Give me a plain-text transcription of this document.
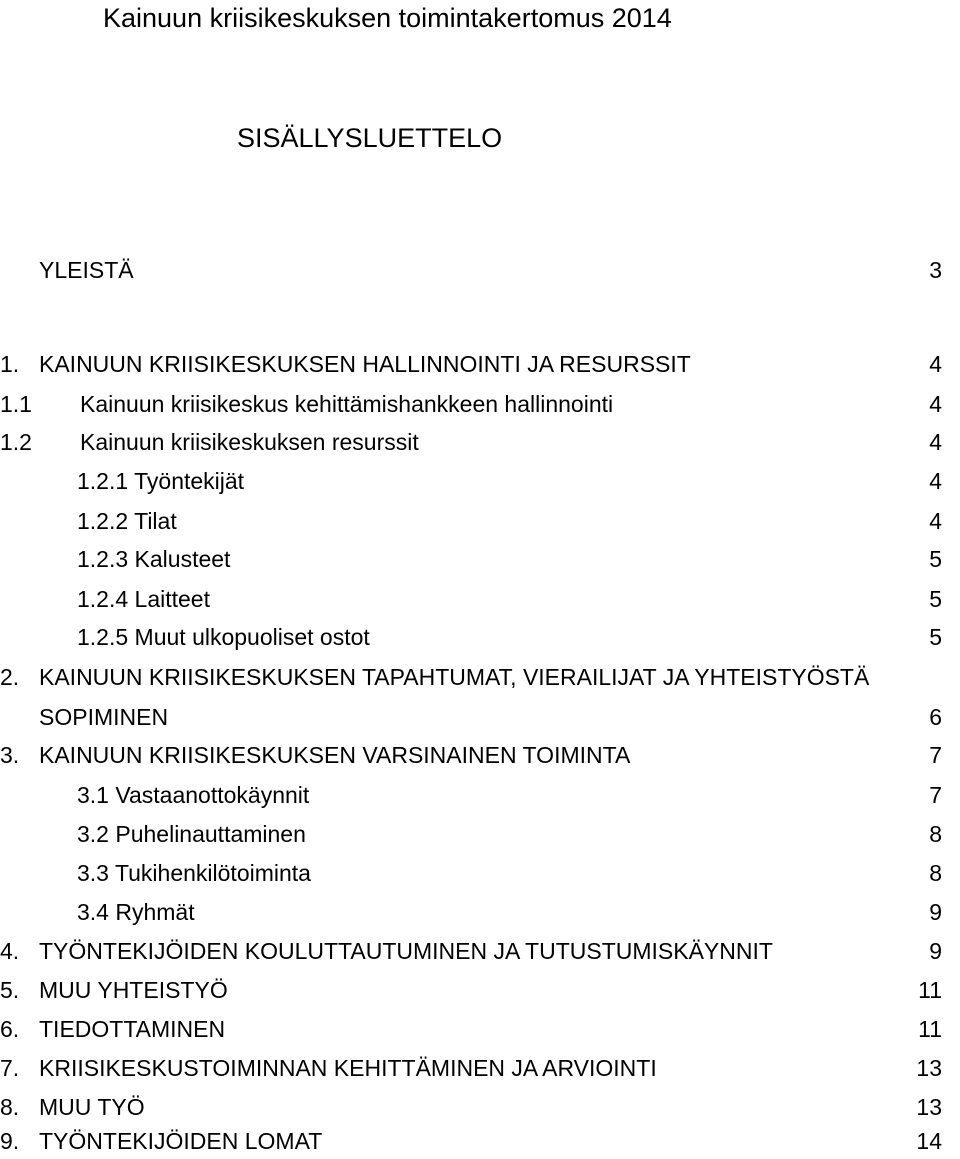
Kainuun kriisikeskuksen toimintakertomus 2014
SISÄLLYSLUETTELO
YLEISTÄ	3
1. KAINUUN KRIISIKESKUKSEN HALLINNOINTI JA RESURSSIT	4
1.1 Kainuun kriisikeskus kehittämishankkeen hallinnointi	4
1.2 Kainuun kriisikeskuksen resurssit	4
1.2.1 Työntekijät	4
1.2.2 Tilat	4
1.2.3 Kalusteet	5
1.2.4 Laitteet	5
1.2.5 Muut ulkopuoliset ostot	5
2. KAINUUN KRIISIKESKUKSEN TAPAHTUMAT, VIERAILIJAT JA YHTEISTYÖSTÄ
SOPIMINEN	6
3. KAINUUN KRIISIKESKUKSEN VARSINAINEN TOIMINTA	7
3.1 Vastaanottokäynnit	7
3.2 Puhelinauttaminen	8
3.3 Tukihenkilötoiminta	8
3.4 Ryhmät	9
4. TYÖNTEKIJÖIDEN KOULUTTAUTUMINEN JA TUTUSTUMISKÄYNNIT	9
5. MUU YHTEISTYÖ	11
6. TIEDOTTAMINEN	11
7. KRIISIKESKUSTOIMINNAN KEHITTÄMINEN JA ARVIOINTI	13
8. MUU TYÖ	13
9. TYÖNTEKIJÖIDEN LOMAT	14
